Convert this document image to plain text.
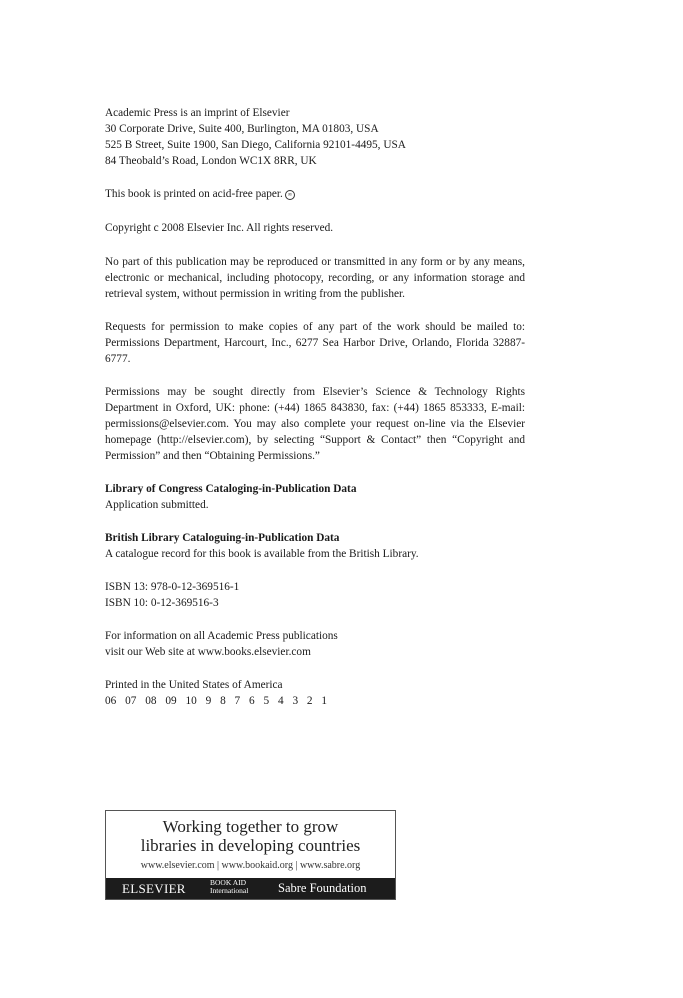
Academic Press is an imprint of Elsevier
30 Corporate Drive, Suite 400, Burlington, MA 01803, USA
525 B Street, Suite 1900, San Diego, California 92101-4495, USA
84 Theobald’s Road, London WC1X 8RR, UK
This book is printed on acid-free paper. ∞
Copyright c 2008 Elsevier Inc. All rights reserved.

No part of this publication may be reproduced or transmitted in any form or by any means, electronic or mechanical, including photocopy, recording, or any information storage and retrieval system, without permission in writing from the publisher.

Requests for permission to make copies of any part of the work should be mailed to: Permissions Department, Harcourt, Inc., 6277 Sea Harbor Drive, Orlando, Florida 32887-6777.

Permissions may be sought directly from Elsevier’s Science & Technology Rights Department in Oxford, UK: phone: (+44) 1865 843830, fax: (+44) 1865 853333, E-mail: permissions@elsevier.com. You may also complete your request on-line via the Elsevier homepage (http://elsevier.com), by selecting “Support & Contact” then “Copyright and Permission” and then “Obtaining Permissions.”

Library of Congress Cataloging-in-Publication Data
Application submitted.
British Library Cataloguing-in-Publication Data
A catalogue record for this book is available from the British Library.
ISBN 13: 978-0-12-369516-1
ISBN 10: 0-12-369516-3
For information on all Academic Press publications
visit our Web site at www.books.elsevier.com
Printed in the United States of America
06 07 08 09 10 9 8 7 6 5 4 3 2 1
Working together to grow
libraries in developing countries
www.elsevier.com | www.bookaid.org | www.sabre.org
ELSEVIER	BOOK AID
International Sabre Foundation
